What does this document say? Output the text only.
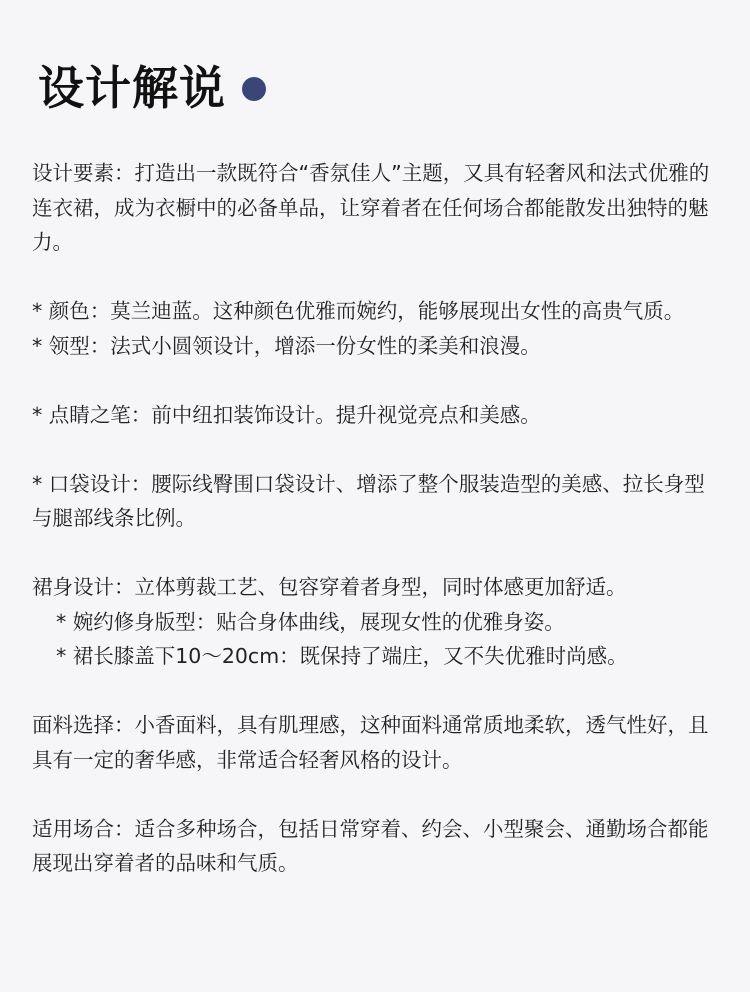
设计解说

设计要素：打造出一款既符合“香氛佳人”主题，又具有轻奢风和法式优雅的连衣裙，成为衣橱中的必备单品，让穿着者在任何场合都能散发出独特的魅力。

* 颜色：莫兰迪蓝。这种颜色优雅而婉约，能够展现出女性的高贵气质。

* 领型：法式小圆领设计，增添一份女性的柔美和浪漫。

* 点睛之笔：前中纽扣装饰设计。提升视觉亮点和美感。

* 口袋设计：腰际线臀围口袋设计、增添了整个服装造型的美感、拉长身型与腿部线条比例。

裙身设计：立体剪裁工艺、包容穿着者身型，同时体感更加舒适。

* 婉约修身版型：贴合身体曲线，展现女性的优雅身姿。

* 裙长膝盖下10～20cm：既保持了端庄，又不失优雅时尚感。

面料选择：小香面料，具有肌理感，这种面料通常质地柔软，透气性好，且具有一定的奢华感，非常适合轻奢风格的设计。

适用场合：适合多种场合，包括日常穿着、约会、小型聚会、通勤场合都能展现出穿着者的品味和气质。
